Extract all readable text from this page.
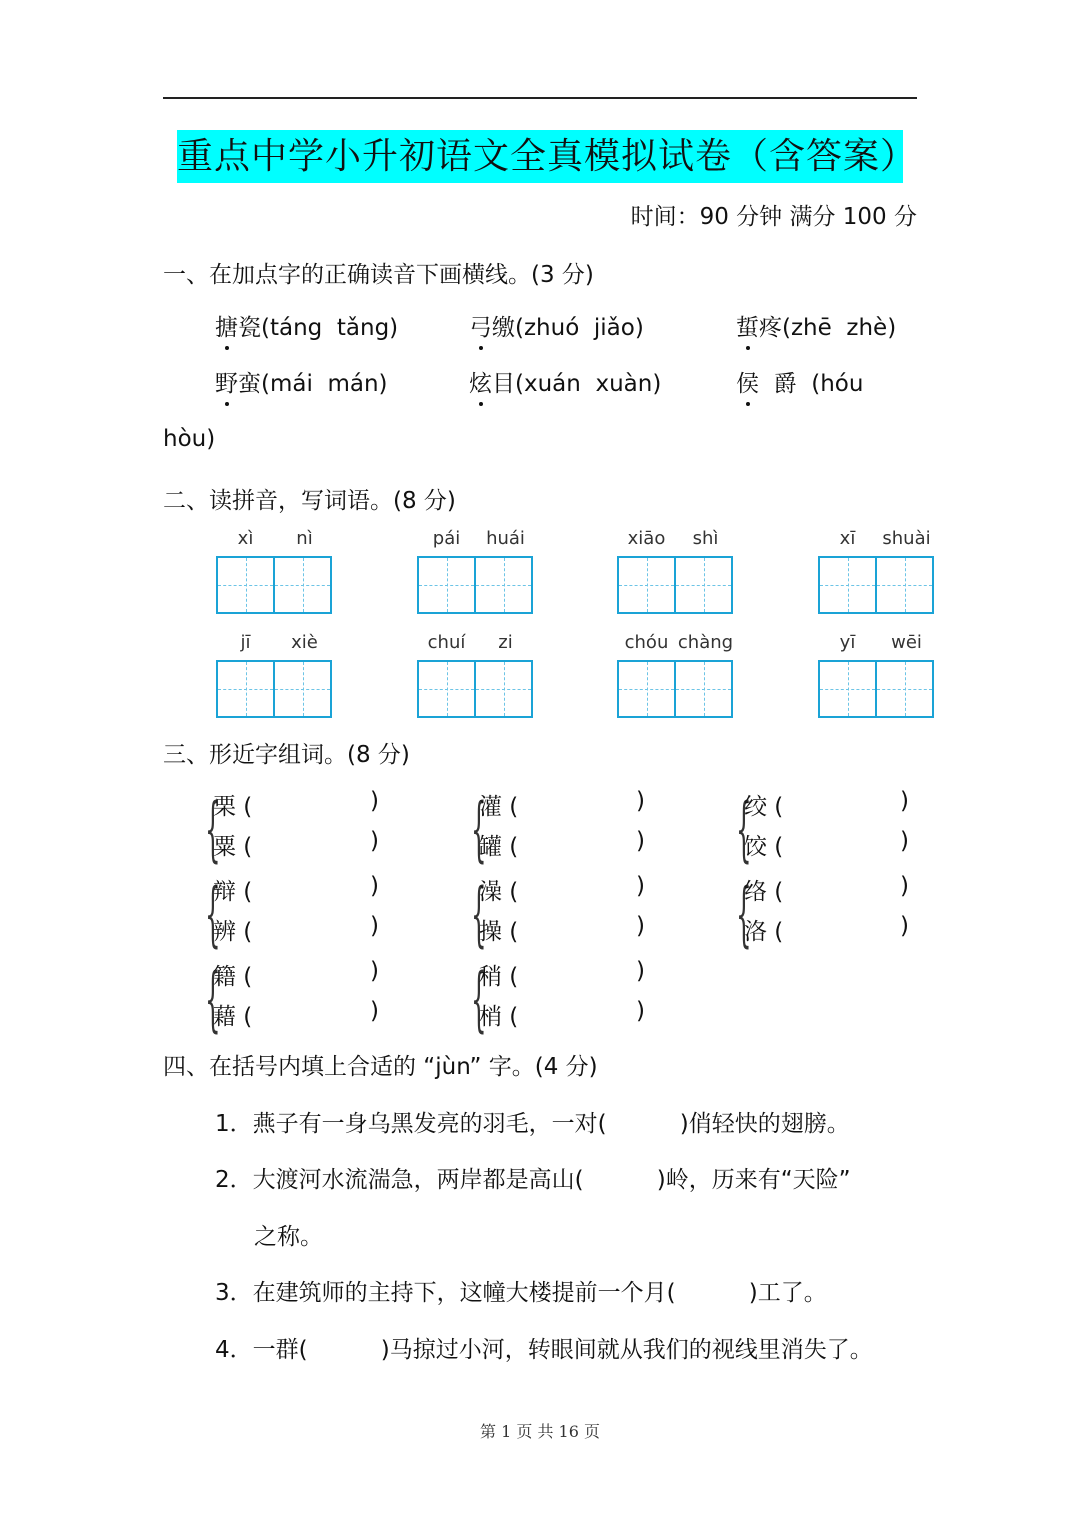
重点中学小升初语文全真模拟试卷（含答案）
时间：90 分钟 满分 100 分
一、在加点字的正确读音下画横线。(3 分)
搪瓷(táng  tǎng)	弓缴(zhuó  jiǎo)	蜇疼(zhē  zhè)
野蛮(mái  mán)	炫目(xuán  xuàn)	侯  爵  (hóu
hòu)
二、读拼音，写词语。(8 分)
xì	nì	pái	huái	xiāo	shì	xī	shuài
jī	xiè	chuí	zi	chóu chàng	yī	wēi
三、形近字组词。(8 分)
{
栗 (	)
粟 (	) {
灌 (	)
罐 (	) {
绞 (	)
饺 (	)
{
辩 (	)
辨 (	) {
澡 (	)
操 (	) {
络 (	)
洛 (	)
{
籍 (	)
藉 (	) {
稍 (	)
梢 (	)
四、在括号内填上合适的 “jùn” 字。(4 分)
1．燕子有一身乌黑发亮的羽毛，一对(          )俏轻快的翅膀。
2．大渡河水流湍急，两岸都是高山(          )岭，历来有“天险”
之称。
3．在建筑师的主持下，这幢大楼提前一个月(          )工了。
4．一群(          )马掠过小河，转眼间就从我们的视线里消失了。
第 1 页 共 16 页
